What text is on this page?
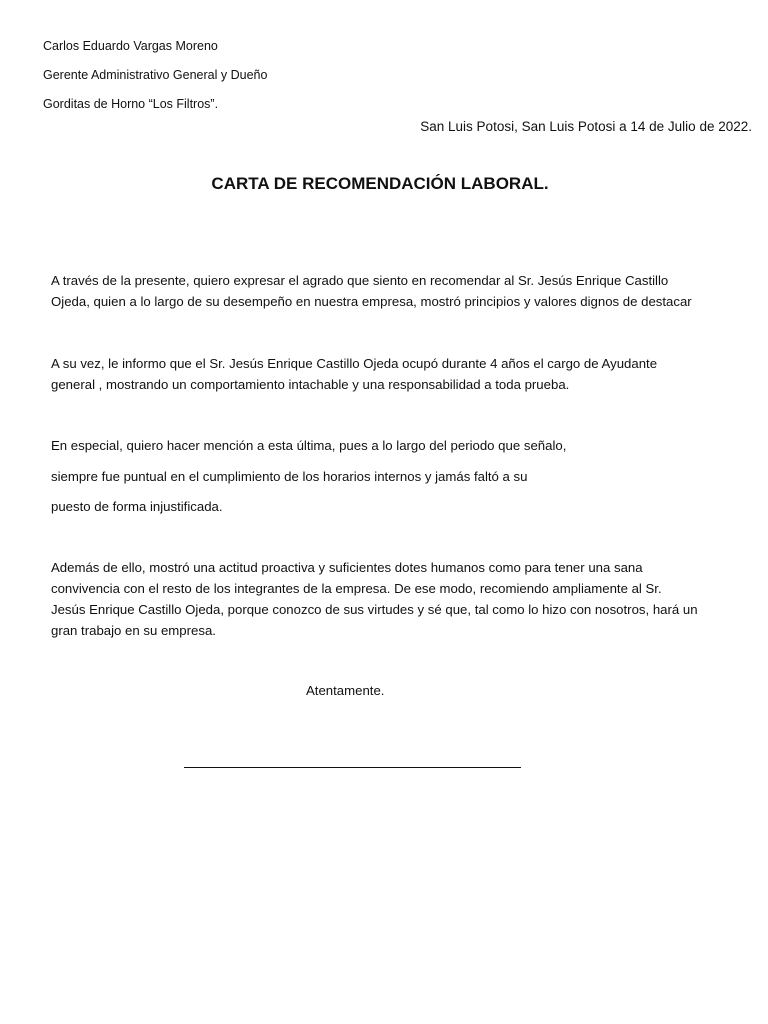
Carlos Eduardo Vargas Moreno
Gerente Administrativo General y Dueño
Gorditas de Horno “Los Filtros”.
San Luis Potosi, San Luis Potosi a 14 de Julio de 2022.
CARTA DE RECOMENDACIÓN LABORAL.
A través de la presente, quiero expresar el agrado que siento en recomendar al Sr. Jesús Enrique Castillo
Ojeda, quien a lo largo de su desempeño en nuestra empresa, mostró principios y valores dignos de destacar
A su vez, le informo que el Sr. Jesús Enrique Castillo Ojeda ocupó durante 4 años el cargo de Ayudante
general , mostrando un comportamiento intachable y una responsabilidad a toda prueba.
En especial, quiero hacer mención a esta última, pues a lo largo del periodo que señalo,
siempre fue puntual en el cumplimiento de los horarios internos y jamás faltó a su
puesto de forma injustificada.
Además de ello, mostró una actitud proactiva y suficientes dotes humanos como para tener una sana
convivencia con el resto de los integrantes de la empresa. De ese modo, recomiendo ampliamente al Sr.
Jesús Enrique Castillo Ojeda, porque conozco de sus virtudes y sé que, tal como lo hizo con nosotros, hará un
gran trabajo en su empresa.
Atentamente.
